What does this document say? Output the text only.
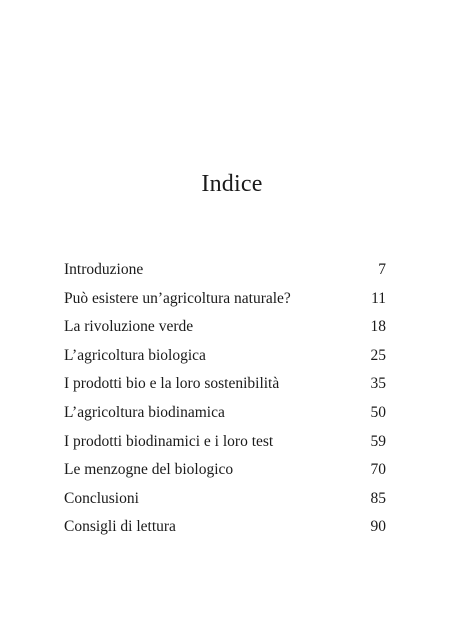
Indice
Introduzione	7
Può esistere un’agricoltura naturale?	11
La rivoluzione verde	18
L’agricoltura biologica	25
I prodotti bio e la loro sostenibilità	35
L’agricoltura biodinamica	50
I prodotti biodinamici e i loro test	59
Le menzogne del biologico	70
Conclusioni	85
Consigli di lettura	90
